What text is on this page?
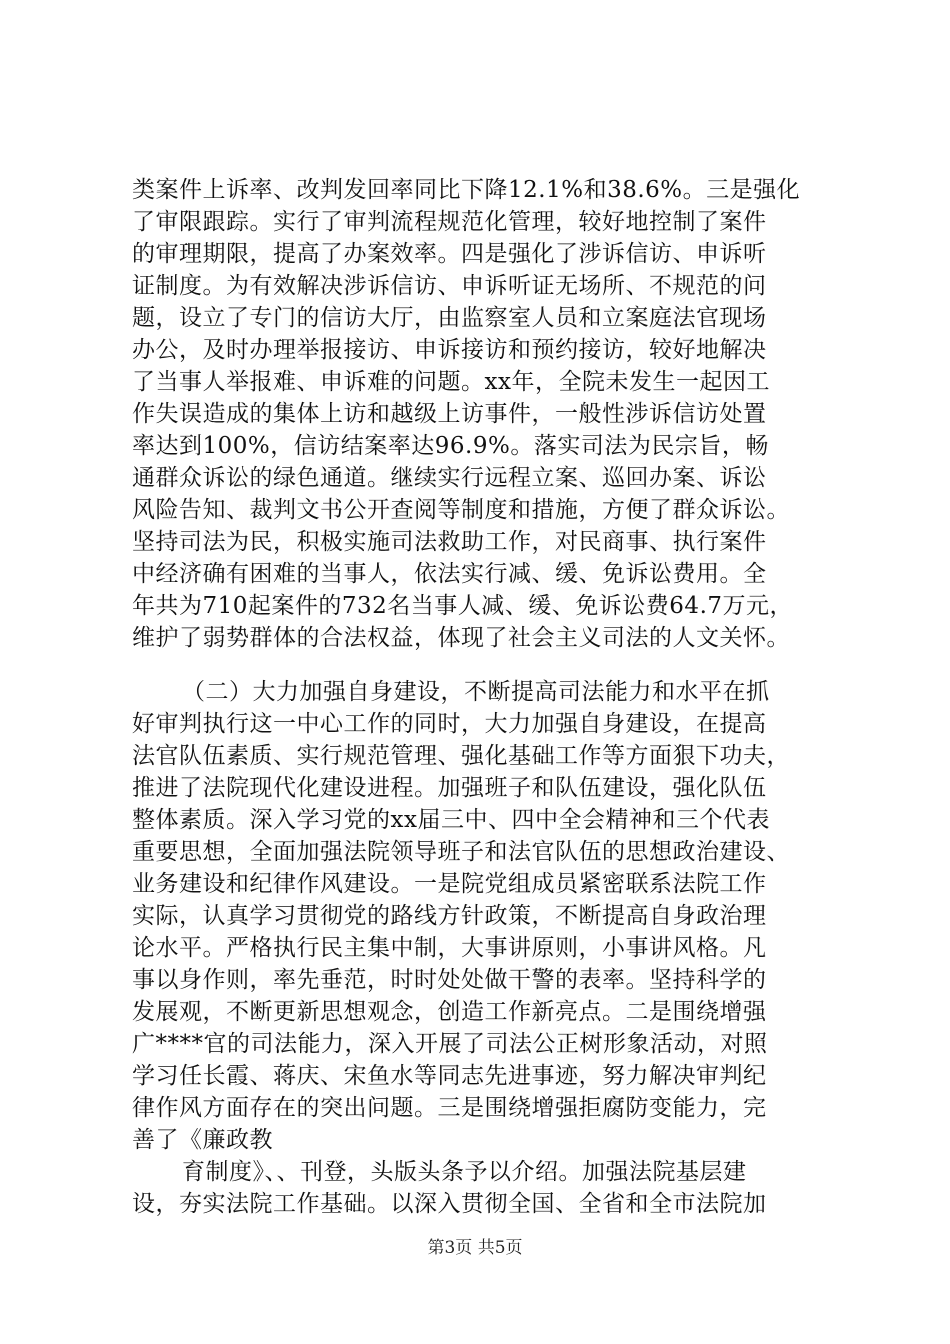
类案件上诉率、改判发回率同比下降12.1%和38.6%。三是强化
了审限跟踪。实行了审判流程规范化管理，较好地控制了案件
的审理期限，提高了办案效率。四是强化了涉诉信访、申诉听
证制度。为有效解决涉诉信访、申诉听证无场所、不规范的问
题，设立了专门的信访大厅，由监察室人员和立案庭法官现场
办公，及时办理举报接访、申诉接访和预约接访，较好地解决
了当事人举报难、申诉难的问题。xx年，全院未发生一起因工
作失误造成的集体上访和越级上访事件，一般性涉诉信访处置
率达到100%，信访结案率达96.9%。落实司法为民宗旨，畅
通群众诉讼的绿色通道。继续实行远程立案、巡回办案、诉讼
风险告知、裁判文书公开查阅等制度和措施，方便了群众诉讼。
坚持司法为民，积极实施司法救助工作，对民商事、执行案件
中经济确有困难的当事人，依法实行减、缓、免诉讼费用。全
年共为710起案件的732名当事人减、缓、免诉讼费64.7万元，
维护了弱势群体的合法权益，体现了社会主义司法的人文关怀。
（二）大力加强自身建设，不断提高司法能力和水平在抓
好审判执行这一中心工作的同时，大力加强自身建设，在提高
法官队伍素质、实行规范管理、强化基础工作等方面狠下功夫，
推进了法院现代化建设进程。加强班子和队伍建设，强化队伍
整体素质。深入学习党的xx届三中、四中全会精神和三个代表
重要思想，全面加强法院领导班子和法官队伍的思想政治建设、
业务建设和纪律作风建设。一是院党组成员紧密联系法院工作
实际，认真学习贯彻党的路线方针政策，不断提高自身政治理
论水平。严格执行民主集中制，大事讲原则，小事讲风格。凡
事以身作则，率先垂范，时时处处做干警的表率。坚持科学的
发展观，不断更新思想观念，创造工作新亮点。二是围绕增强
广****官的司法能力，深入开展了司法公正树形象活动，对照
学习任长霞、蒋庆、宋鱼水等同志先进事迹，努力解决审判纪
律作风方面存在的突出问题。三是围绕增强拒腐防变能力，完
善了《廉政教
育制度》、、刊登，头版头条予以介绍。加强法院基层建
设，夯实法院工作基础。以深入贯彻全国、全省和全市法院加
第3页 共5页
